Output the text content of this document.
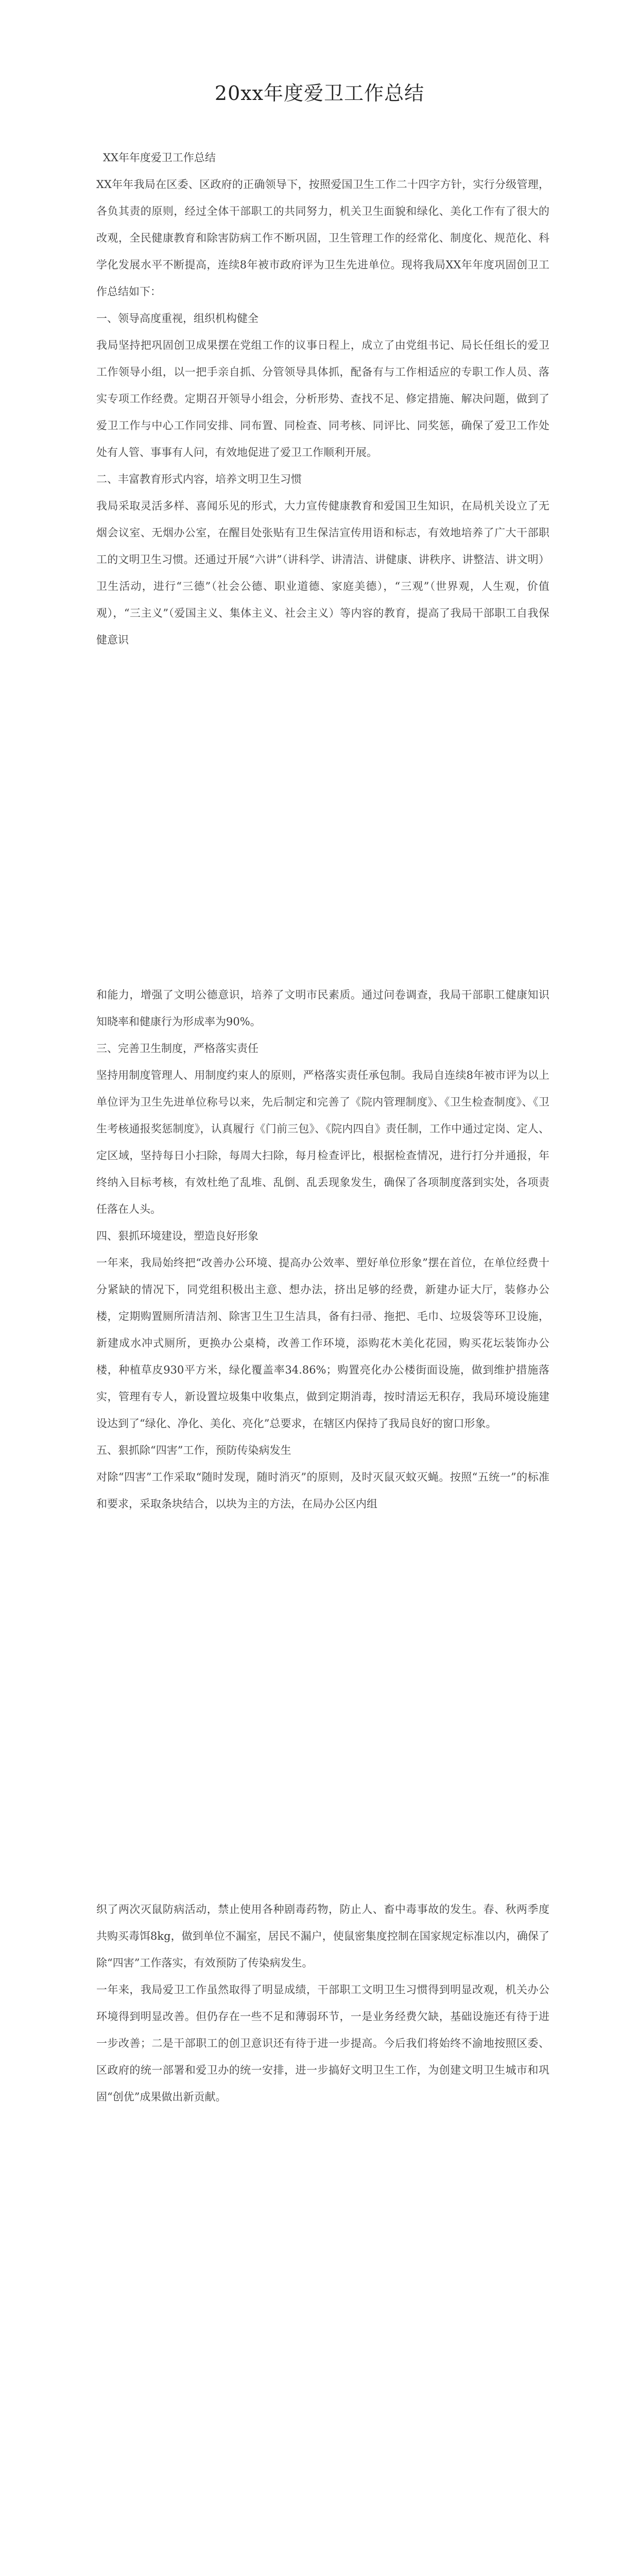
20xx年度爱卫工作总结
XX年年度爱卫工作总结

XX年年我局在区委、区政府的正确领导下，按照爱国卫生工作二十四字方针，实行分级管理，各负其责的原则，经过全体干部职工的共同努力，机关卫生面貌和绿化、美化工作有了很大的改观，全民健康教育和除害防病工作不断巩固，卫生管理工作的经常化、制度化、规范化、科学化发展水平不断提高，连续8年被市政府评为卫生先进单位。现将我局XX年年度巩固创卫工作总结如下：

一、领导高度重视，组织机构健全

我局坚持把巩固创卫成果摆在党组工作的议事日程上，成立了由党组书记、局长任组长的爱卫工作领导小组，以一把手亲自抓、分管领导具体抓，配备有与工作相适应的专职工作人员、落实专项工作经费。定期召开领导小组会，分析形势、查找不足、修定措施、解决问题，做到了爱卫工作与中心工作同安排、同布置、同检查、同考核、同评比、同奖惩，确保了爱卫工作处处有人管、事事有人问，有效地促进了爱卫工作顺利开展。

二、丰富教育形式内容，培养文明卫生习惯

我局采取灵活多样、喜闻乐见的形式，大力宣传健康教育和爱国卫生知识，在局机关设立了无烟会议室、无烟办公室，在醒目处张贴有卫生保洁宣传用语和标志，有效地培养了广大干部职工的文明卫生习惯。还通过开展“六讲”（讲科学、讲清洁、讲健康、讲秩序、讲整洁、讲文明）卫生活动，进行“三德”（社会公德、职业道德、家庭美德），“三观”（世界观，人生观，价值观），“三主义”（爱国主义、集体主义、社会主义）等内容的教育，提高了我局干部职工自我保健意识

和能力，增强了文明公德意识，培养了文明市民素质。通过问卷调查，我局干部职工健康知识知晓率和健康行为形成率为90%。

三、完善卫生制度，严格落实责任

坚持用制度管理人、用制度约束人的原则，严格落实责任承包制。我局自连续8年被市评为以上单位评为卫生先进单位称号以来，先后制定和完善了《院内管理制度》、《卫生检查制度》、《卫生考核通报奖惩制度》，认真履行《门前三包》、《院内四自》责任制，工作中通过定岗、定人、定区域，坚持每日小扫除，每周大扫除，每月检查评比，根据检查情况，进行打分并通报，年终纳入目标考核，有效杜绝了乱堆、乱倒、乱丢现象发生，确保了各项制度落到实处，各项责任落在人头。

四、狠抓环境建设，塑造良好形象

一年来，我局始终把“改善办公环境、提高办公效率、塑好单位形象”摆在首位，在单位经费十分紧缺的情况下，同党组积极出主意、想办法，挤出足够的经费，新建办证大厅，装修办公楼，定期购置厕所清洁剂、除害卫生卫生洁具，备有扫帚、拖把、毛巾、垃圾袋等环卫设施，新建成水冲式厕所，更换办公桌椅，改善工作环境，添购花木美化花园，购买花坛装饰办公楼，种植草皮930平方米，绿化覆盖率34.86%；购置亮化办公楼街面设施，做到维护措施落实，管理有专人，新设置垃圾集中收集点，做到定期消毒，按时清运无积存，我局环境设施建设达到了“绿化、净化、美化、亮化”总要求，在辖区内保持了我局良好的窗口形象。

五、狠抓除“四害”工作，预防传染病发生

对除“四害”工作采取“随时发现，随时消灭”的原则，及时灭鼠灭蚊灭蝇。按照“五统一”的标准和要求，采取条块结合，以块为主的方法，在局办公区内组

织了两次灭鼠防病活动，禁止使用各种剧毒药物，防止人、畜中毒事故的发生。春、秋两季度共购买毒饵8kg，做到单位不漏室，居民不漏户，使鼠密集度控制在国家规定标准以内，确保了除“四害”工作落实，有效预防了传染病发生。

一年来，我局爱卫工作虽然取得了明显成绩，干部职工文明卫生习惯得到明显改观，机关办公环境得到明显改善。但仍存在一些不足和薄弱环节，一是业务经费欠缺，基础设施还有待于进一步改善；二是干部职工的创卫意识还有待于进一步提高。今后我们将始终不渝地按照区委、区政府的统一部署和爱卫办的统一安排，进一步搞好文明卫生工作，为创建文明卫生城市和巩固“创优”成果做出新贡献。
